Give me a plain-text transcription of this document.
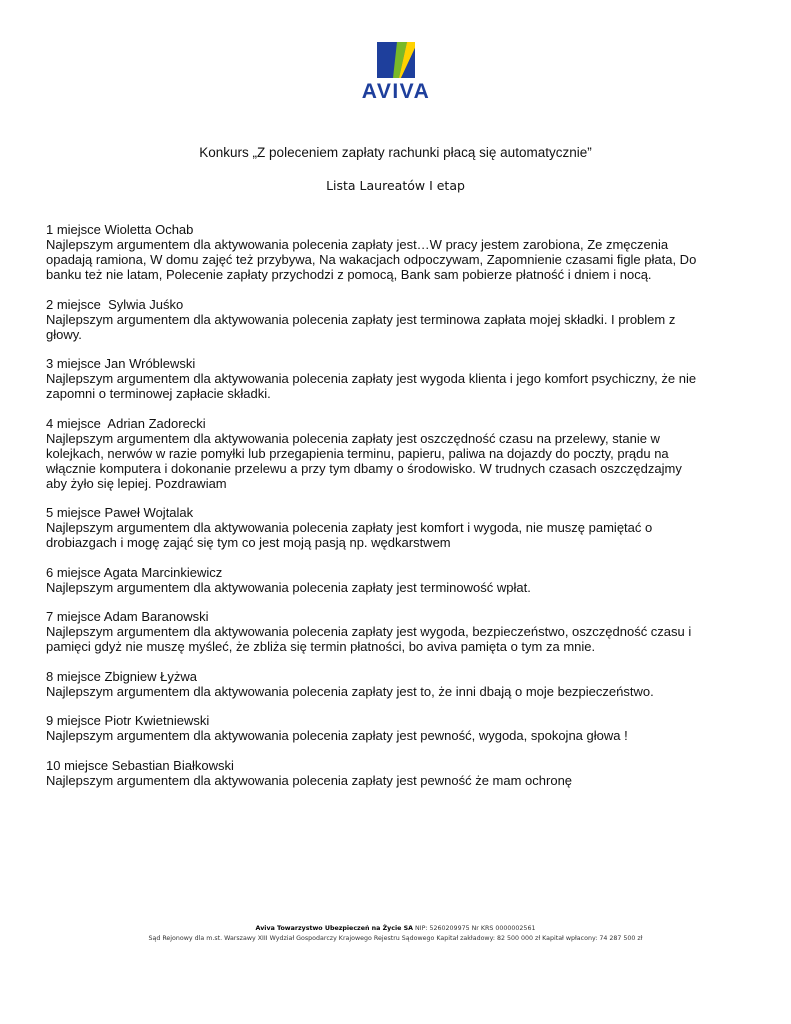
AVIVA
Konkurs „Z poleceniem zapłaty rachunki płacą się automatycznie”
Lista Laureatów I etap
1 miejsce Wioletta Ochab
Najlepszym argumentem dla aktywowania polecenia zapłaty jest…W pracy jestem zarobiona, Ze zmęczenia opadają ramiona, W domu zajęć też przybywa, Na wakacjach odpoczywam, Zapomnienie czasami figle płata, Do banku też nie latam, Polecenie zapłaty przychodzi z pomocą, Bank sam pobierze płatność i dniem i nocą.
2 miejsce  Sylwia Juśko
Najlepszym argumentem dla aktywowania polecenia zapłaty jest terminowa zapłata mojej składki. I problem z głowy.
3 miejsce Jan Wróblewski
Najlepszym argumentem dla aktywowania polecenia zapłaty jest wygoda klienta i jego komfort psychiczny, że nie zapomni o terminowej zapłacie składki.
4 miejsce  Adrian Zadorecki
Najlepszym argumentem dla aktywowania polecenia zapłaty jest oszczędność czasu na przelewy, stanie w kolejkach, nerwów w razie pomyłki lub przegapienia terminu, papieru, paliwa na dojazdy do poczty, prądu na włącznie komputera i dokonanie przelewu a przy tym dbamy o środowisko. W trudnych czasach oszczędzajmy aby żyło się lepiej. Pozdrawiam
5 miejsce Paweł Wojtalak
Najlepszym argumentem dla aktywowania polecenia zapłaty jest komfort i wygoda, nie muszę pamiętać o drobiazgach i mogę zająć się tym co jest moją pasją np. wędkarstwem
6 miejsce Agata Marcinkiewicz
Najlepszym argumentem dla aktywowania polecenia zapłaty jest terminowość wpłat.
7 miejsce Adam Baranowski
Najlepszym argumentem dla aktywowania polecenia zapłaty jest wygoda, bezpieczeństwo, oszczędność czasu i pamięci gdyż nie muszę myśleć, że zbliża się termin płatności, bo aviva pamięta o tym za mnie.
8 miejsce Zbigniew Łyżwa
Najlepszym argumentem dla aktywowania polecenia zapłaty jest to, że inni dbają o moje bezpieczeństwo.
9 miejsce Piotr Kwietniewski
Najlepszym argumentem dla aktywowania polecenia zapłaty jest pewność, wygoda, spokojna głowa !
10 miejsce Sebastian Białkowski
Najlepszym argumentem dla aktywowania polecenia zapłaty jest pewność że mam ochronę
Aviva Towarzystwo Ubezpieczeń na Życie SA NIP: 5260209975 Nr KRS 0000002561
Sąd Rejonowy dla m.st. Warszawy XIII Wydział Gospodarczy Krajowego Rejestru Sądowego Kapitał zakładowy: 82 500 000 zł Kapitał wpłacony: 74 287 500 zł
